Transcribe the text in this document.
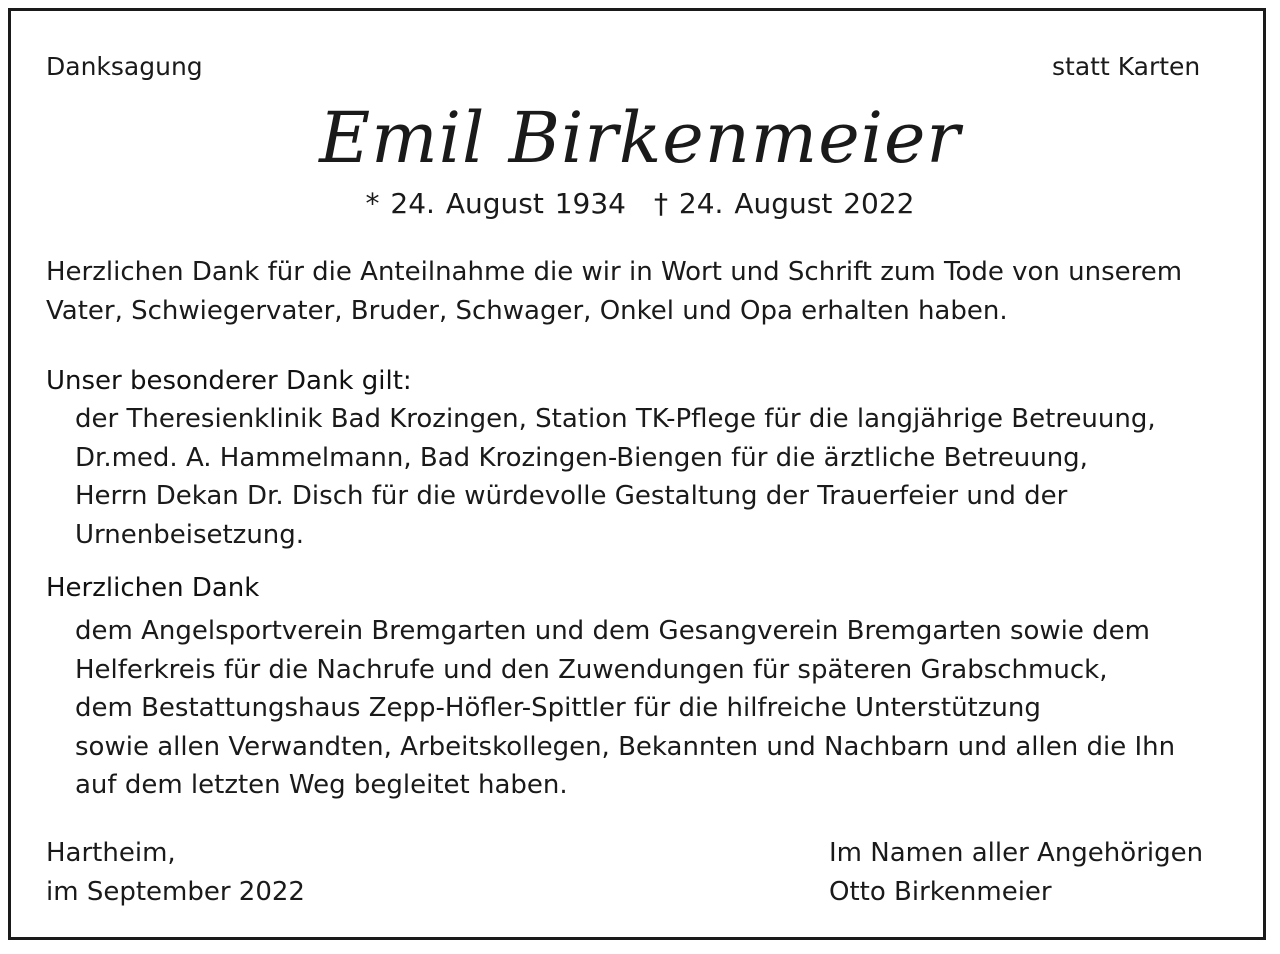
Danksagung	statt Karten
Emil Birkenmeier
* 24. August 1934 † 24. August 2022
Herzlichen Dank für die Anteilnahme die wir in Wort und Schrift zum Tode von unserem
Vater, Schwiegervater, Bruder, Schwager, Onkel und Opa erhalten haben.
Unser besonderer Dank gilt:
der Theresienklinik Bad Krozingen, Station TK-Pflege für die langjährige Betreuung,
Dr.med. A. Hammelmann, Bad Krozingen-Biengen für die ärztliche Betreuung,
Herrn Dekan Dr. Disch für die würdevolle Gestaltung der Trauerfeier und der
Urnenbeisetzung.
Herzlichen Dank
dem Angelsportverein Bremgarten und dem Gesangverein Bremgarten sowie dem
Helferkreis für die Nachrufe und den Zuwendungen für späteren Grabschmuck,
dem Bestattungshaus Zepp-Höfler-Spittler für die hilfreiche Unterstützung
sowie allen Verwandten, Arbeitskollegen, Bekannten und Nachbarn und allen die Ihn
auf dem letzten Weg begleitet haben.
Hartheim,
im September 2022
Im Namen aller Angehörigen
Otto Birkenmeier
